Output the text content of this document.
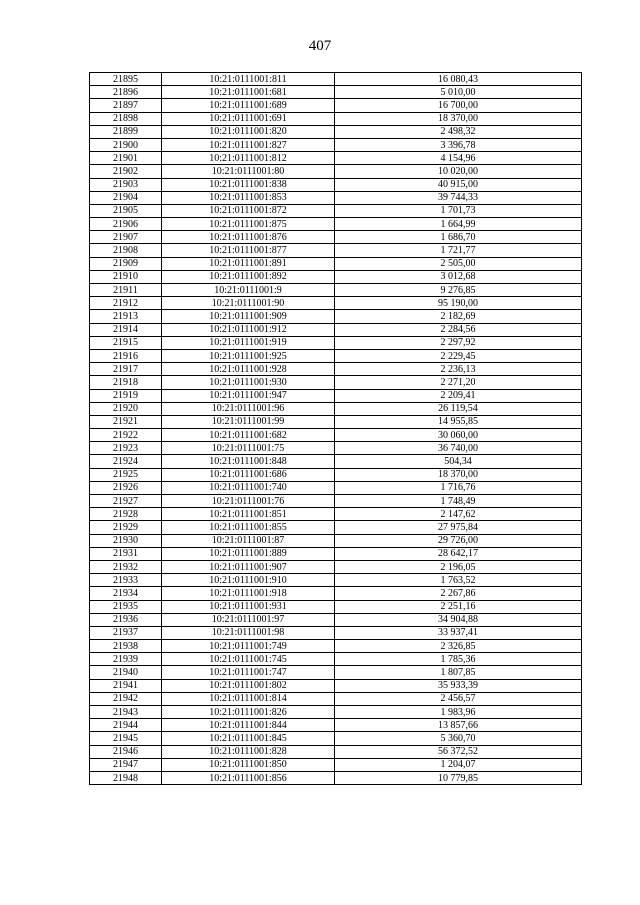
407
21895	10:21:0111001:811	16 080,43
21896	10:21:0111001:681	5 010,00
21897	10:21:0111001:689	16 700,00
21898	10:21:0111001:691	18 370,00
21899	10:21:0111001:820	2 498,32
21900	10:21:0111001:827	3 396,78
21901	10:21:0111001:812	4 154,96
21902	10:21:0111001:80	10 020,00
21903	10:21:0111001:838	40 915,00
21904	10:21:0111001:853	39 744,33
21905	10:21:0111001:872	1 701,73
21906	10:21:0111001:875	1 664,99
21907	10:21:0111001:876	1 686,70
21908	10:21:0111001:877	1 721,77
21909	10:21:0111001:891	2 505,00
21910	10:21:0111001:892	3 012,68
21911	10:21:0111001:9	9 276,85
21912	10:21:0111001:90	95 190,00
21913	10:21:0111001:909	2 182,69
21914	10:21:0111001:912	2 284,56
21915	10:21:0111001:919	2 297,92
21916	10:21:0111001:925	2 229,45
21917	10:21:0111001:928	2 236,13
21918	10:21:0111001:930	2 271,20
21919	10:21:0111001:947	2 209,41
21920	10:21:0111001:96	26 119,54
21921	10:21:0111001:99	14 955,85
21922	10:21:0111001:682	30 060,00
21923	10:21:0111001:75	36 740,00
21924	10:21:0111001:848	504,34
21925	10:21:0111001:686	18 370,00
21926	10:21:0111001:740	1 716,76
21927	10:21:0111001:76	1 748,49
21928	10:21:0111001:851	2 147,62
21929	10:21:0111001:855	27 975,84
21930	10:21:0111001:87	29 726,00
21931	10:21:0111001:889	28 642,17
21932	10:21:0111001:907	2 196,05
21933	10:21:0111001:910	1 763,52
21934	10:21:0111001:918	2 267,86
21935	10:21:0111001:931	2 251,16
21936	10:21:0111001:97	34 904,88
21937	10:21:0111001:98	33 937,41
21938	10:21:0111001:749	2 326,85
21939	10:21:0111001:745	1 785,36
21940	10:21:0111001:747	1 807,85
21941	10:21:0111001:802	35 933,39
21942	10:21:0111001:814	2 456,57
21943	10:21:0111001:826	1 983,96
21944	10:21:0111001:844	13 857,66
21945	10:21:0111001:845	5 360,70
21946	10:21:0111001:828	56 372,52
21947	10:21:0111001:850	1 204,07
21948	10:21:0111001:856	10 779,85
